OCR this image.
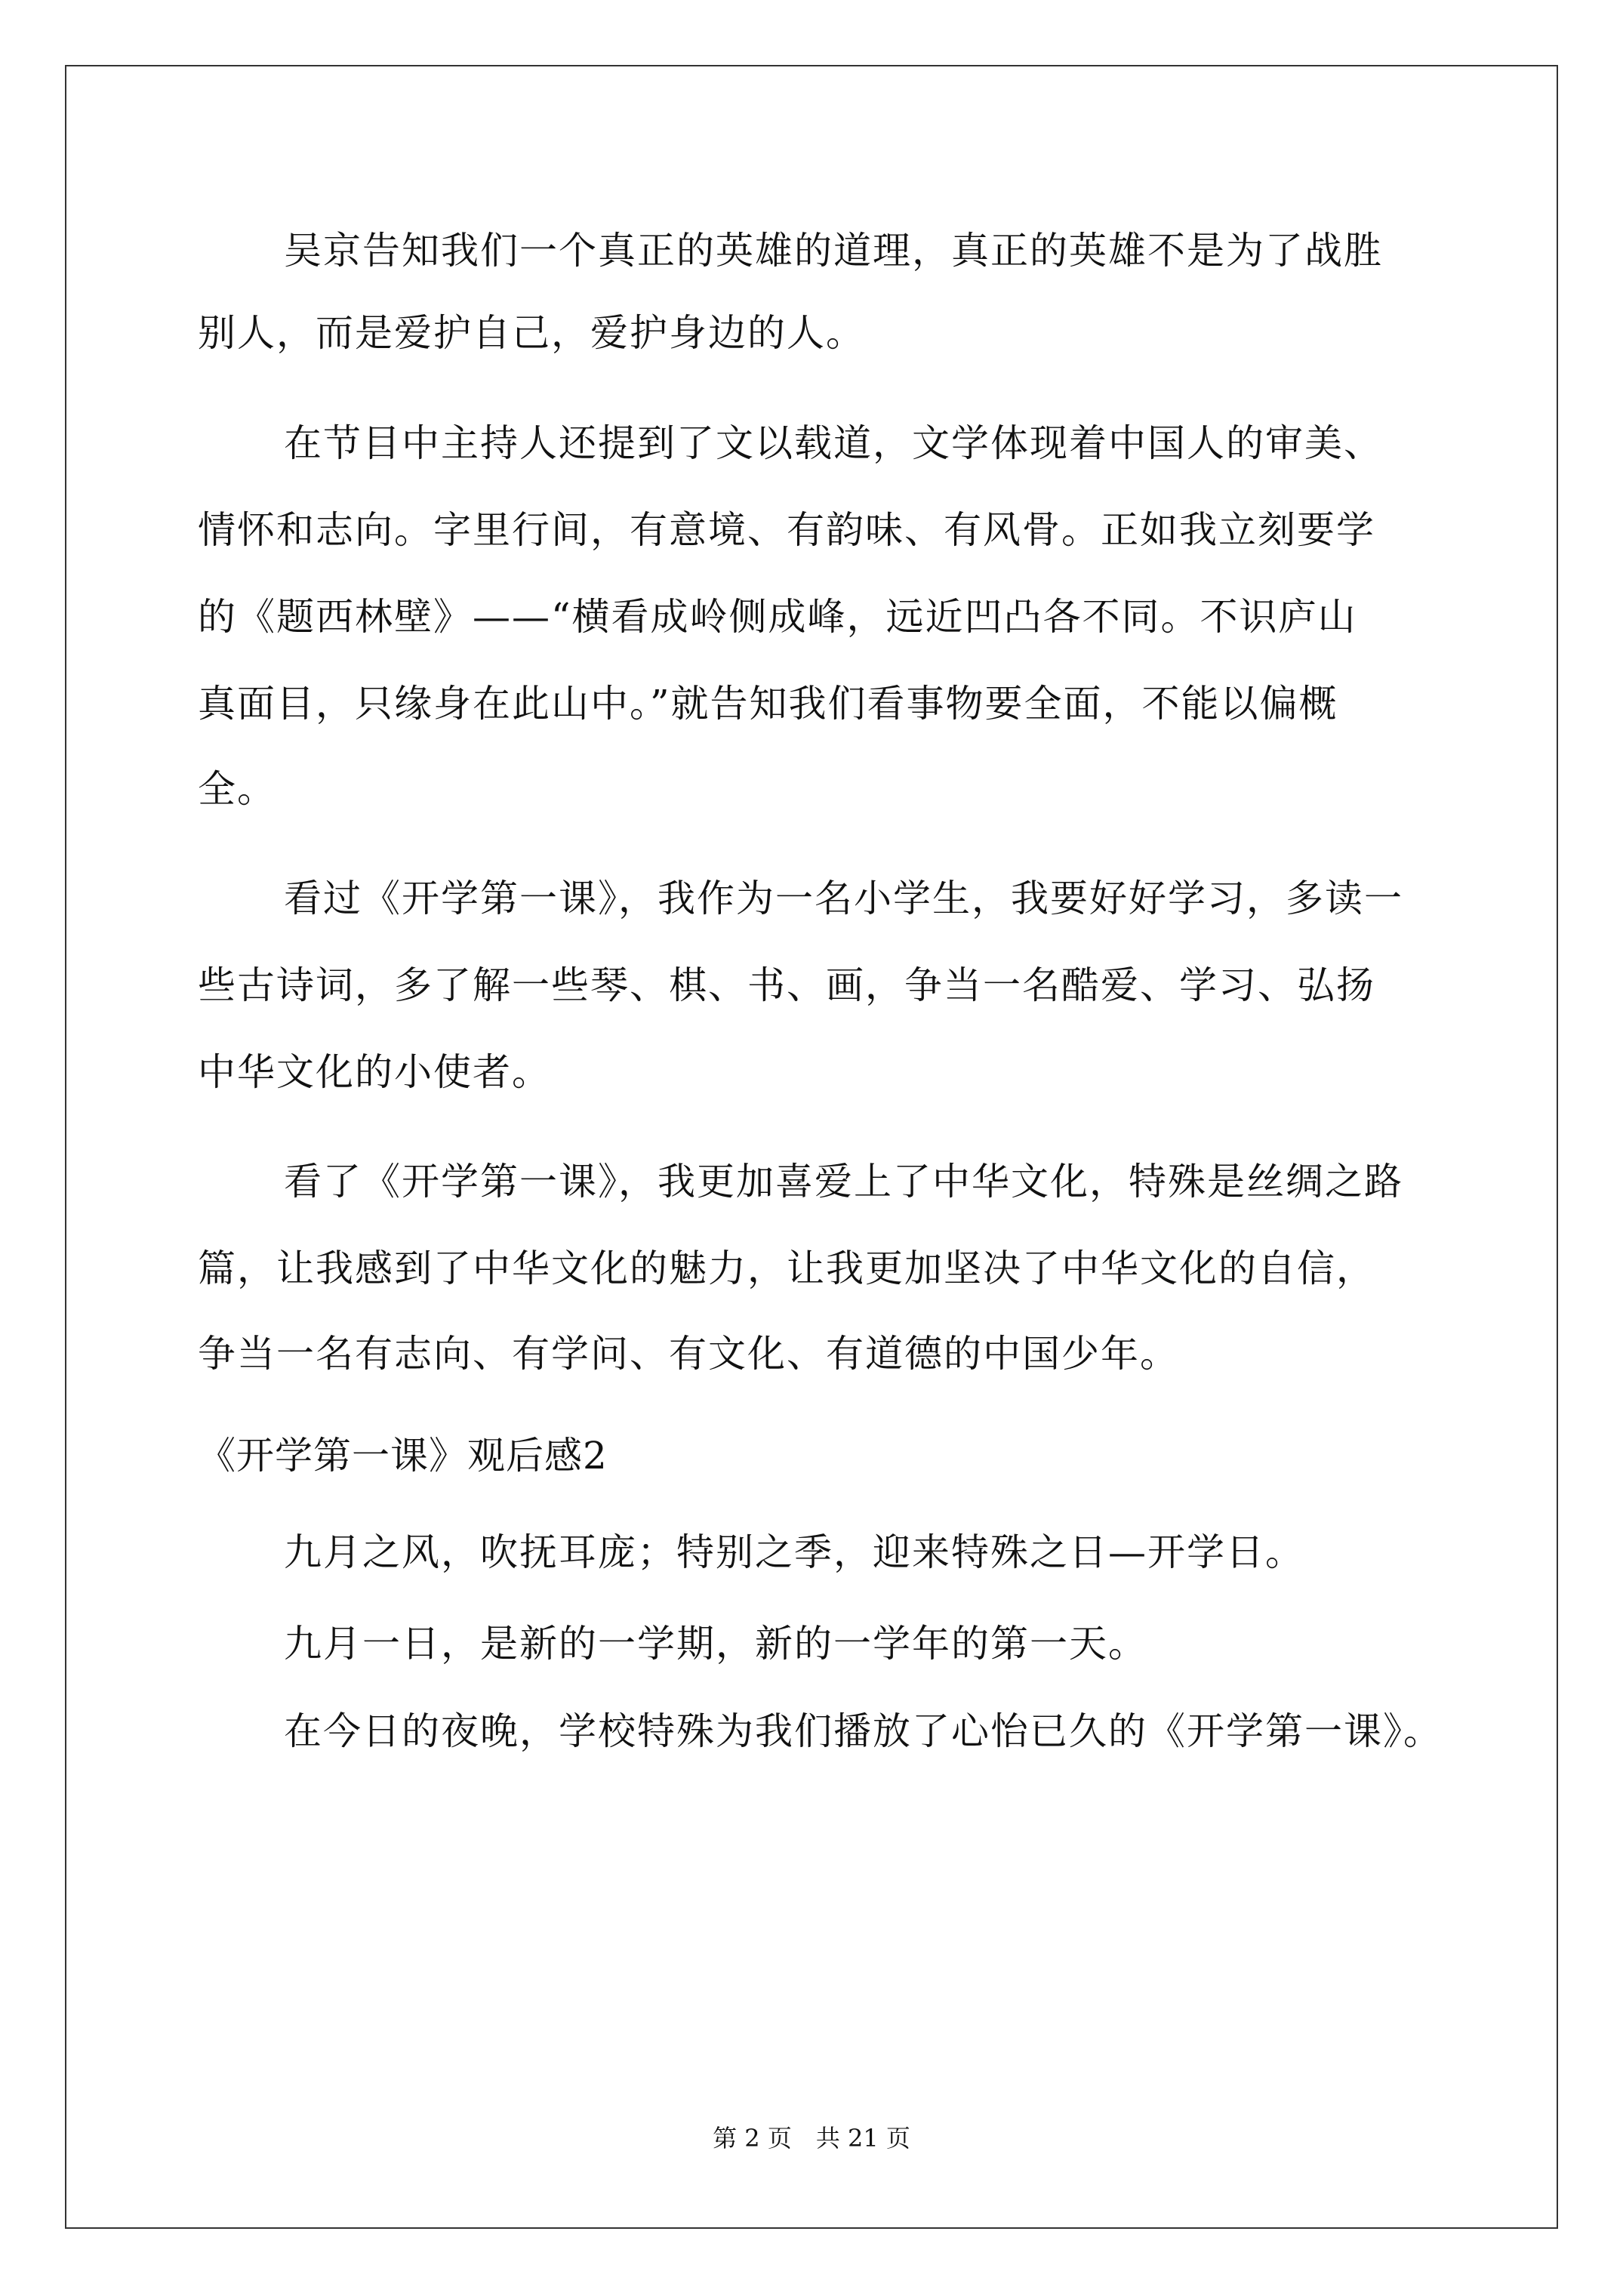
吴京告知我们一个真正的英雄的道理，真正的英雄不是为了战胜
别人，而是爱护自己，爱护身边的人。
在节目中主持人还提到了文以载道，文学体现着中国人的审美、
情怀和志向。字里行间，有意境、有韵味、有风骨。正如我立刻要学
的《题西林壁》——“横看成岭侧成峰，远近凹凸各不同。不识庐山
真面目，只缘身在此山中。”就告知我们看事物要全面，不能以偏概
全。
看过《开学第一课》，我作为一名小学生，我要好好学习，多读一
些古诗词，多了解一些琴、棋、书、画，争当一名酷爱、学习、弘扬
中华文化的小使者。
看了《开学第一课》，我更加喜爱上了中华文化，特殊是丝绸之路
篇，让我感到了中华文化的魅力，让我更加坚决了中华文化的自信，
争当一名有志向、有学问、有文化、有道德的中国少年。
《开学第一课》观后感2
九月之风，吹抚耳庞；特别之季，迎来特殊之日—开学日。
九月一日，是新的一学期，新的一学年的第一天。
在今日的夜晚，学校特殊为我们播放了心怡已久的《开学第一课》。
第 2 页　共 21 页
